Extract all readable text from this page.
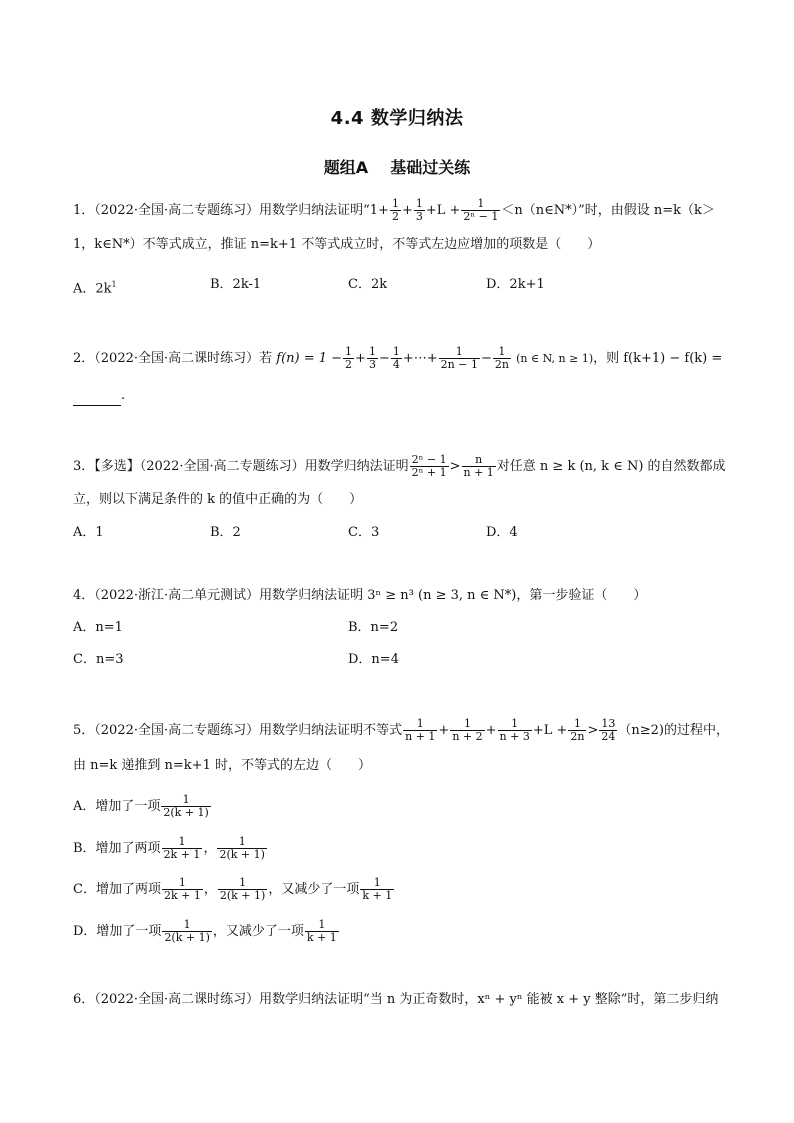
4.4 数学归纳法
题组A 基础过关练
1．（2022·全国·高二专题练习）用数学归纳法证明“$1+ \frac{1}{2} + \frac{1}{3} +L + \frac{1}{\text{2ⁿ − 1}}$ ＜n（n∈N*）”时，由假设 n=k（k＞
1，k∈N*）不等式成立，推证 n=k+1 不等式成立时，不等式左边应增加的项数是（　　）
A．$2k^1$	B．2k-1	C．2k	D．2k+1
2．（2022·全国·高二课时练习）若 $f(n) = 1 - \frac{1}{2} + \frac{1}{3} - \frac{1}{4}$ +⋯+ $\frac{1}{2n - 1} - \frac{1}{2n} (n$ ∈ N, n ≥ 1)，则 f(k+1) − f(k) =
.
3．【多选】（2022·全国·高二专题练习）用数学归纳法证明 $\frac{\text{2ⁿ − 1}}{\text{2ⁿ + 1}} > \frac{n}{n + 1}$ 对任意 n ≥ k (n, k ∈ N) 的自然数都成
立，则以下满足条件的 k 的值中正确的为（　　）
A．1	B．2	C．3	D．4
4．（2022·浙江·高二单元测试）用数学归纳法证明 3ⁿ ≥ n³ (n ≥ 3, n ∈ N*)，第一步验证（　　）
A．n=1	B．n=2
C．n=3	D．n=4
5．（2022·全国·高二专题练习）用数学归纳法证明不等式 $\frac{1}{n + 1} + \frac{1}{n + 2} + \frac{1}{n + 3} +L + \frac{1}{2n} > \frac{13}{24} (n\ge 2)$的过程中，
由 n=k 递推到 n=k+1 时，不等式的左边（　　）
A．增加了一项 $\frac{1}{2(k + 1)}$
B．增加了两项 $\frac{1}{2k + 1}$ ， $\frac{1}{2(k + 1)}$
C．增加了两项 $\frac{1}{2k + 1}$ ， $\frac{1}{2(k + 1)}$ ，又减少了一项 $\frac{1}{k + 1}$
D．增加了一项 $\frac{1}{2(k + 1)}$ ，又减少了一项 $\frac{1}{k + 1}$
6．（2022·全国·高二课时练习）用数学归纳法证明“当 n 为正奇数时，xⁿ + yⁿ 能被 x + y 整除”时，第二步归纳
